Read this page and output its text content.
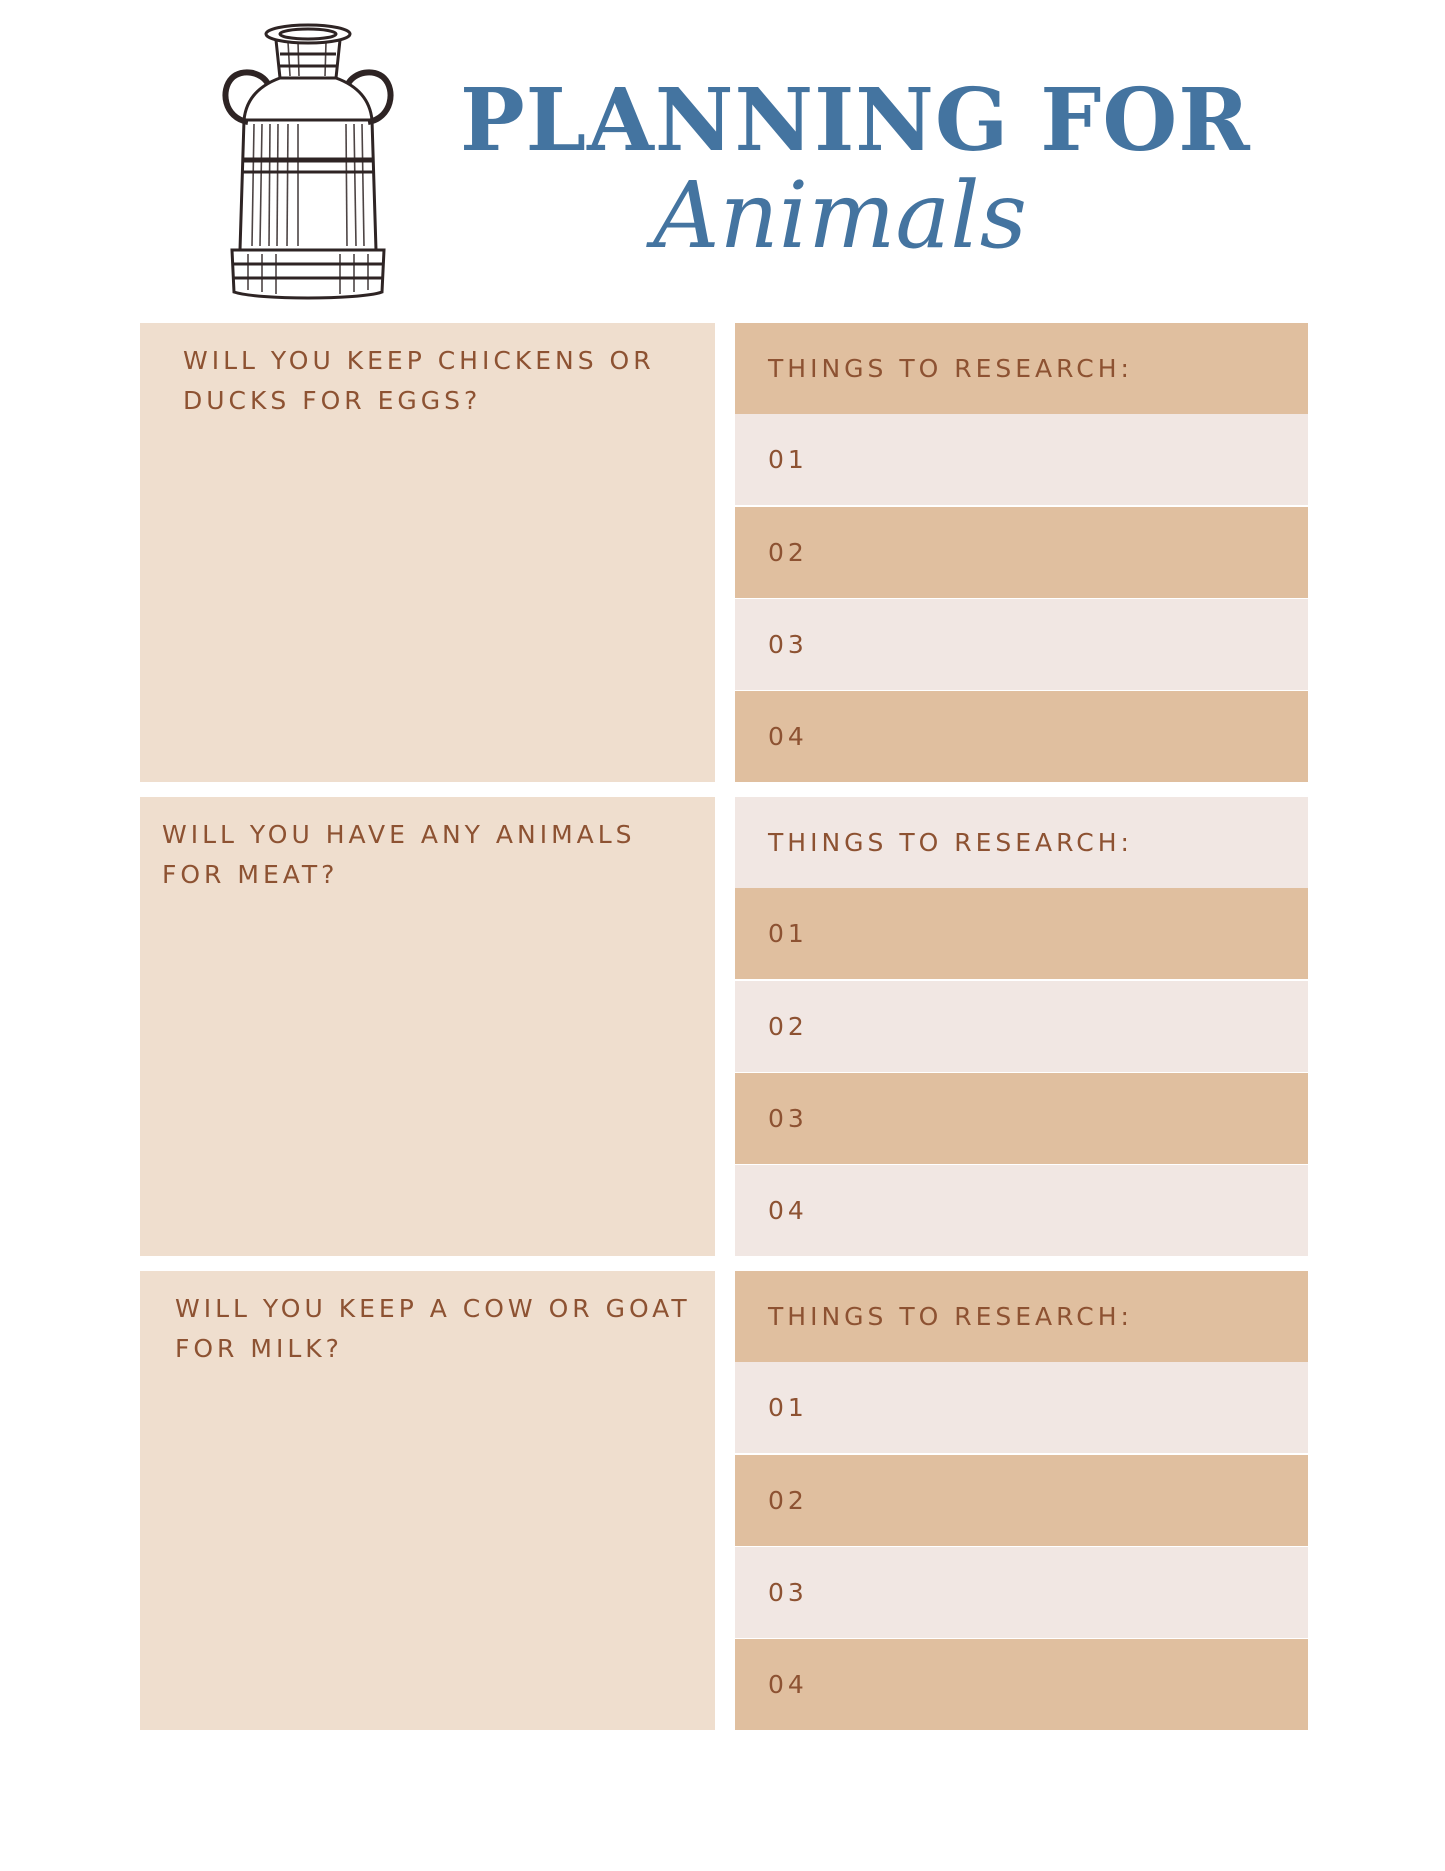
PLANNING FOR
Animals
WILL YOU KEEP CHICKENS OR DUCKS FOR EGGS?
THINGS TO RESEARCH:
01
02
03
04
WILL YOU HAVE ANY ANIMALS FOR MEAT?
THINGS TO RESEARCH:
01
02
03
04
WILL YOU KEEP A COW OR GOAT FOR MILK?
THINGS TO RESEARCH:
01
02
03
04
